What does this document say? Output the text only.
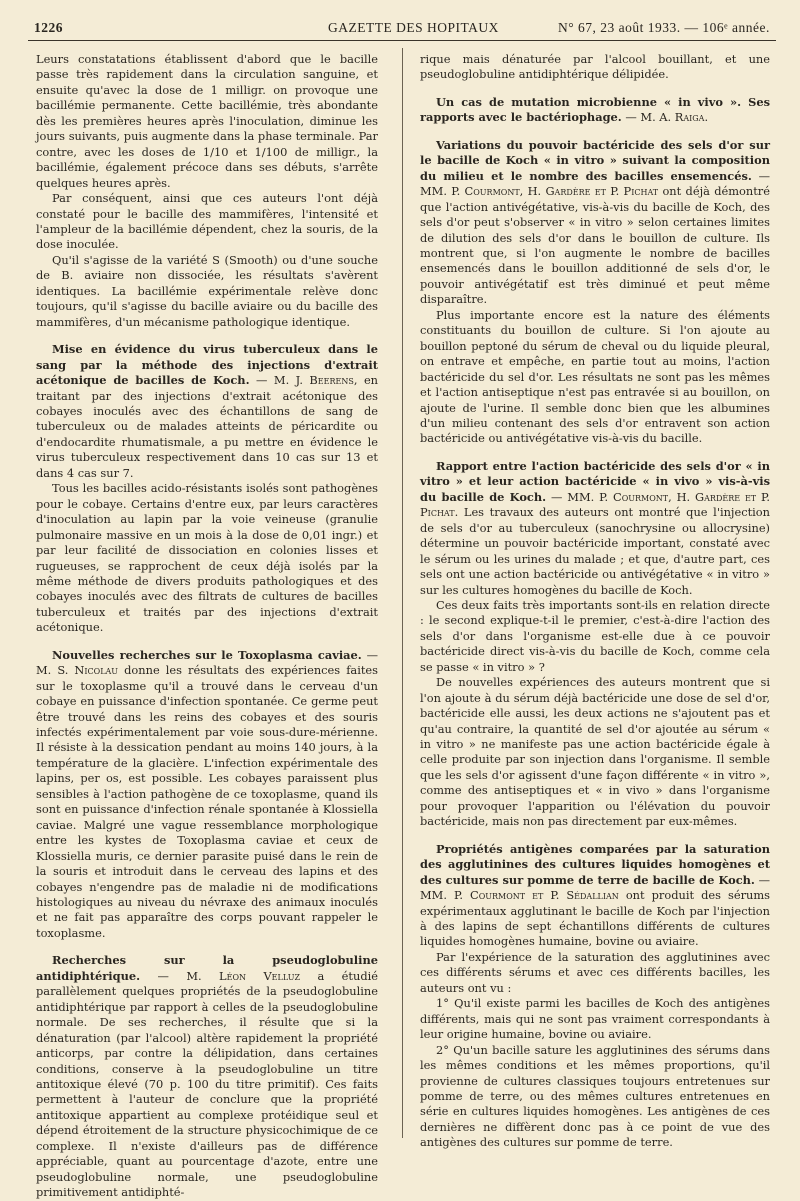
1226	GAZETTE DES HOPITAUX	N° 67, 23 août 1933. — 106ᵉ année.

Leurs constatations établissent d'abord que le bacille passe très rapidement dans la circulation sanguine, et ensuite qu'avec la dose de 1 milligr. on provoque une bacillémie permanente. Cette bacillémie, très abondante dès les premières heures après l'inoculation, diminue les jours suivants, puis augmente dans la phase terminale. Par contre, avec les doses de 1/10 et 1/100 de milligr., la bacillémie, également précoce dans ses débuts, s'arrête quelques heures après.

Par conséquent, ainsi que ces auteurs l'ont déjà constaté pour le bacille des mammifères, l'intensité et l'ampleur de la bacillémie dépendent, chez la souris, de la dose inoculée.

Qu'il s'agisse de la variété S (Smooth) ou d'une souche de B. aviaire non dissociée, les résultats s'avèrent identiques. La bacillémie expérimentale relève donc toujours, qu'il s'agisse du bacille aviaire ou du bacille des mammifères, d'un mécanisme pathologique identique.

Mise en évidence du virus tuberculeux dans le sang par la méthode des injections d'extrait acétonique de bacilles de Koch. — M. J. Beerens, en traitant par des injections d'extrait acétonique des cobayes inoculés avec des échantillons de sang de tuberculeux ou de malades atteints de péricardite ou d'endocardite rhumatismale, a pu mettre en évidence le virus tuberculeux respectivement dans 10 cas sur 13 et dans 4 cas sur 7.

Tous les bacilles acido-résistants isolés sont pathogènes pour le cobaye. Certains d'entre eux, par leurs caractères d'inoculation au lapin par la voie veineuse (granulie pulmonaire massive en un mois à la dose de 0,01 ingr.) et par leur facilité de dissociation en colonies lisses et rugueuses, se rapprochent de ceux déjà isolés par la même méthode de divers produits pathologiques et des cobayes inoculés avec des filtrats de cultures de bacilles tuberculeux et traités par des injections d'extrait acétonique.

Nouvelles recherches sur le Toxoplasma caviae. — M. S. Nicolau donne les résultats des expériences faites sur le toxoplasme qu'il a trouvé dans le cerveau d'un cobaye en puissance d'infection spontanée. Ce germe peut être trouvé dans les reins des cobayes et des souris infectés expérimentalement par voie sous-dure-mérienne. Il résiste à la dessication pendant au moins 140 jours, à la température de la glacière. L'infection expérimentale des lapins, per os, est possible. Les cobayes paraissent plus sensibles à l'action pathogène de ce toxoplasme, quand ils sont en puissance d'infection rénale spontanée à Klossiella caviae. Malgré une vague ressemblance morphologique entre les kystes de Toxoplasma caviae et ceux de Klossiella muris, ce dernier parasite puisé dans le rein de la souris et introduit dans le cerveau des lapins et des cobayes n'engendre pas de maladie ni de modifications histologiques au niveau du névraxe des animaux inoculés et ne fait pas apparaître des corps pouvant rappeler le toxoplasme.

Recherches sur la pseudoglobuline antidiphtérique. — M. Léon Velluz a étudié parallèlement quelques propriétés de la pseudoglobuline antidiphtérique par rapport à celles de la pseudoglobuline normale. De ses recherches, il résulte que si la dénaturation (par l'alcool) altère rapidement la propriété anticorps, par contre la délipidation, dans certaines conditions, conserve à la pseudoglobuline un titre antitoxique élevé (70 p. 100 du titre primitif). Ces faits permettent à l'auteur de conclure que la propriété antitoxique appartient au complexe protéidique seul et dépend étroitement de la structure physicochimique de ce complexe. Il n'existe d'ailleurs pas de différence appréciable, quant au pourcentage d'azote, entre une pseudoglobuline normale, une pseudoglobuline primitivement antidiphté-

rique mais dénaturée par l'alcool bouillant, et une pseudoglobuline antidiphtérique délipidée.

Un cas de mutation microbienne « in vivo ». Ses rapports avec le bactériophage. — M. A. Raiga.

Variations du pouvoir bactéricide des sels d'or sur le bacille de Koch « in vitro » suivant la composition du milieu et le nombre des bacilles ensemencés. — MM. P. Courmont, H. Gardère et P. Pichat ont déjà démontré que l'action antivégétative, vis-à-vis du bacille de Koch, des sels d'or peut s'observer « in vitro » selon certaines limites de dilution des sels d'or dans le bouillon de culture. Ils montrent que, si l'on augmente le nombre de bacilles ensemencés dans le bouillon additionné de sels d'or, le pouvoir antivégétatif est très diminué et peut même disparaître.

Plus importante encore est la nature des éléments constituants du bouillon de culture. Si l'on ajoute au bouillon peptoné du sérum de cheval ou du liquide pleural, on entrave et empêche, en partie tout au moins, l'action bactéricide du sel d'or. Les résultats ne sont pas les mêmes et l'action antiseptique n'est pas entravée si au bouillon, on ajoute de l'urine. Il semble donc bien que les albumines d'un milieu contenant des sels d'or entravent son action bactéricide ou antivégétative vis-à-vis du bacille.

Rapport entre l'action bactéricide des sels d'or « in vitro » et leur action bactéricide « in vivo » vis-à-vis du bacille de Koch. — MM. P. Courmont, H. Gardère et P. Pichat. Les travaux des auteurs ont montré que l'injection de sels d'or au tuberculeux (sanochrysine ou allocrysine) détermine un pouvoir bactéricide important, constaté avec le sérum ou les urines du malade ; et que, d'autre part, ces sels ont une action bactéricide ou antivégétative « in vitro » sur les cultures homogènes du bacille de Koch.

Ces deux faits très importants sont-ils en relation directe : le second explique-t-il le premier, c'est-à-dire l'action des sels d'or dans l'organisme est-elle due à ce pouvoir bactéricide direct vis-à-vis du bacille de Koch, comme cela se passe « in vitro » ?

De nouvelles expériences des auteurs montrent que si l'on ajoute à du sérum déjà bactéricide une dose de sel d'or, bactéricide elle aussi, les deux actions ne s'ajoutent pas et qu'au contraire, la quantité de sel d'or ajoutée au sérum « in vitro » ne manifeste pas une action bactéricide égale à celle produite par son injection dans l'organisme. Il semble que les sels d'or agissent d'une façon différente « in vitro », comme des antiseptiques et « in vivo » dans l'organisme pour provoquer l'apparition ou l'élévation du pouvoir bactéricide, mais non pas directement par eux-mêmes.

Propriétés antigènes comparées par la saturation des agglutinines des cultures liquides homogènes et des cultures sur pomme de terre de bacille de Koch. — MM. P. Courmont et P. Sédallian ont produit des sérums expérimentaux agglutinant le bacille de Koch par l'injection à des lapins de sept échantillons différents de cultures liquides homogènes humaine, bovine ou aviaire.

Par l'expérience de la saturation des agglutinines avec ces différents sérums et avec ces différents bacilles, les auteurs ont vu :

1° Qu'il existe parmi les bacilles de Koch des antigènes différents, mais qui ne sont pas vraiment correspondants à leur origine humaine, bovine ou aviaire.

2° Qu'un bacille sature les agglutinines des sérums dans les mêmes conditions et les mêmes proportions, qu'il provienne de cultures classiques toujours entretenues sur pomme de terre, ou des mêmes cultures entretenues en série en cultures liquides homogènes. Les antigènes de ces dernières ne diffèrent donc pas à ce point de vue des antigènes des cultures sur pomme de terre.
